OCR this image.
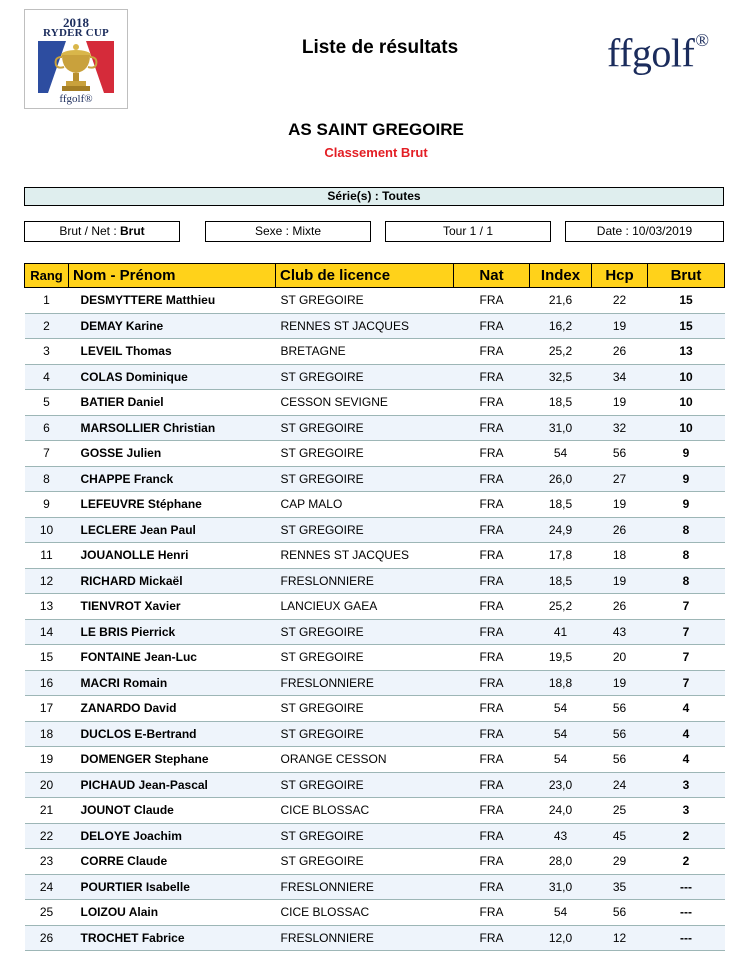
2018
RYDER CUP
ffgolf®
Liste de résultats	ffgolf®
AS SAINT GREGOIRE
Classement Brut
Série(s) : Toutes
Brut / Net : Brut	Sexe : Mixte	Tour 1 / 1	Date : 10/03/2019
Rang	Nom - Prénom	Club de licence	Nat	Index	Hcp	Brut
1	DESMYTTERE Matthieu	ST GREGOIRE	FRA	21,6	22	15
2	DEMAY Karine	RENNES ST JACQUES	FRA	16,2	19	15
3	LEVEIL Thomas	BRETAGNE	FRA	25,2	26	13
4	COLAS Dominique	ST GREGOIRE	FRA	32,5	34	10
5	BATIER Daniel	CESSON SEVIGNE	FRA	18,5	19	10
6	MARSOLLIER Christian	ST GREGOIRE	FRA	31,0	32	10
7	GOSSE Julien	ST GREGOIRE	FRA	54	56	9
8	CHAPPE Franck	ST GREGOIRE	FRA	26,0	27	9
9	LEFEUVRE Stéphane	CAP MALO	FRA	18,5	19	9
10	LECLERE Jean Paul	ST GREGOIRE	FRA	24,9	26	8
11	JOUANOLLE Henri	RENNES ST JACQUES	FRA	17,8	18	8
12	RICHARD Mickaël	FRESLONNIERE	FRA	18,5	19	8
13	TIENVROT Xavier	LANCIEUX GAEA	FRA	25,2	26	7
14	LE BRIS Pierrick	ST GREGOIRE	FRA	41	43	7
15	FONTAINE Jean-Luc	ST GREGOIRE	FRA	19,5	20	7
16	MACRI Romain	FRESLONNIERE	FRA	18,8	19	7
17	ZANARDO David	ST GREGOIRE	FRA	54	56	4
18	DUCLOS E-Bertrand	ST GREGOIRE	FRA	54	56	4
19	DOMENGER Stephane	ORANGE CESSON	FRA	54	56	4
20	PICHAUD Jean-Pascal	ST GREGOIRE	FRA	23,0	24	3
21	JOUNOT Claude	CICE BLOSSAC	FRA	24,0	25	3
22	DELOYE Joachim	ST GREGOIRE	FRA	43	45	2
23	CORRE Claude	ST GREGOIRE	FRA	28,0	29	2
24	POURTIER Isabelle	FRESLONNIERE	FRA	31,0	35	---
25	LOIZOU Alain	CICE BLOSSAC	FRA	54	56	---
26	TROCHET Fabrice	FRESLONNIERE	FRA	12,0	12	---
